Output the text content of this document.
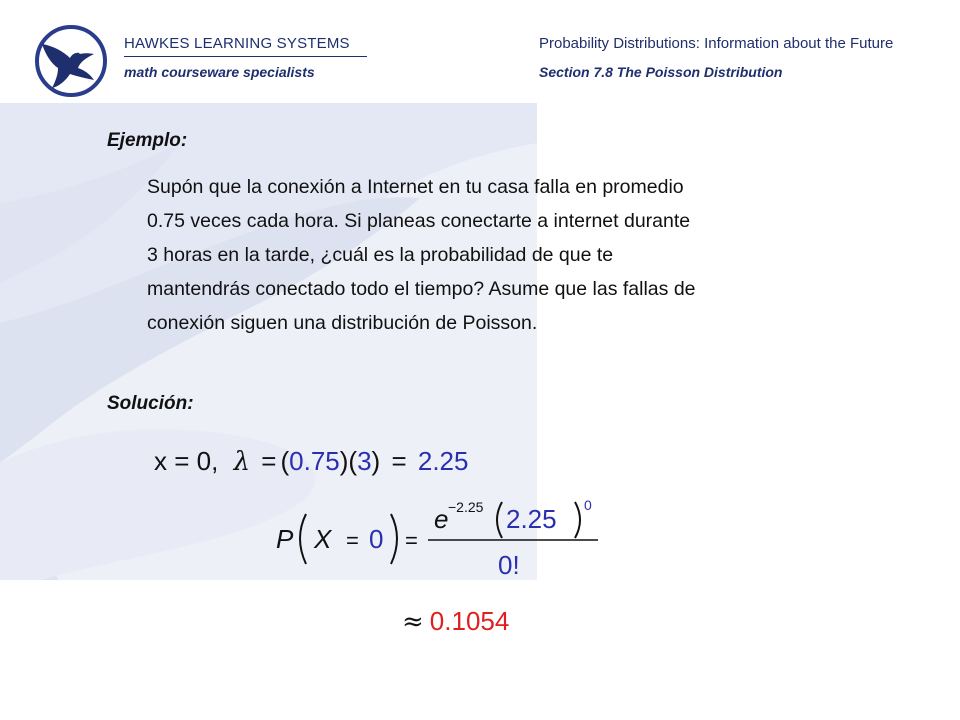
HAWKES LEARNING SYSTEMS
math courseware specialists
Probability Distributions: Information about the Future
Section 7.8 The Poisson Distribution
Ejemplo:
Supón que la conexión a Internet en tu casa falla en promedio
0.75 veces cada hora. Si planeas conectarte a internet durante
3 horas en la tarde, ¿cuál es la probabilidad de que te
mantendrás conectado todo el tiempo? Asume que las fallas de
conexión siguen una distribución de Poisson.
Solución:
x = 0, λ = (0.75)(3) = 2.25
P X = 0 =
e −2.25 2.25 0
0!
≈ 0.1054
